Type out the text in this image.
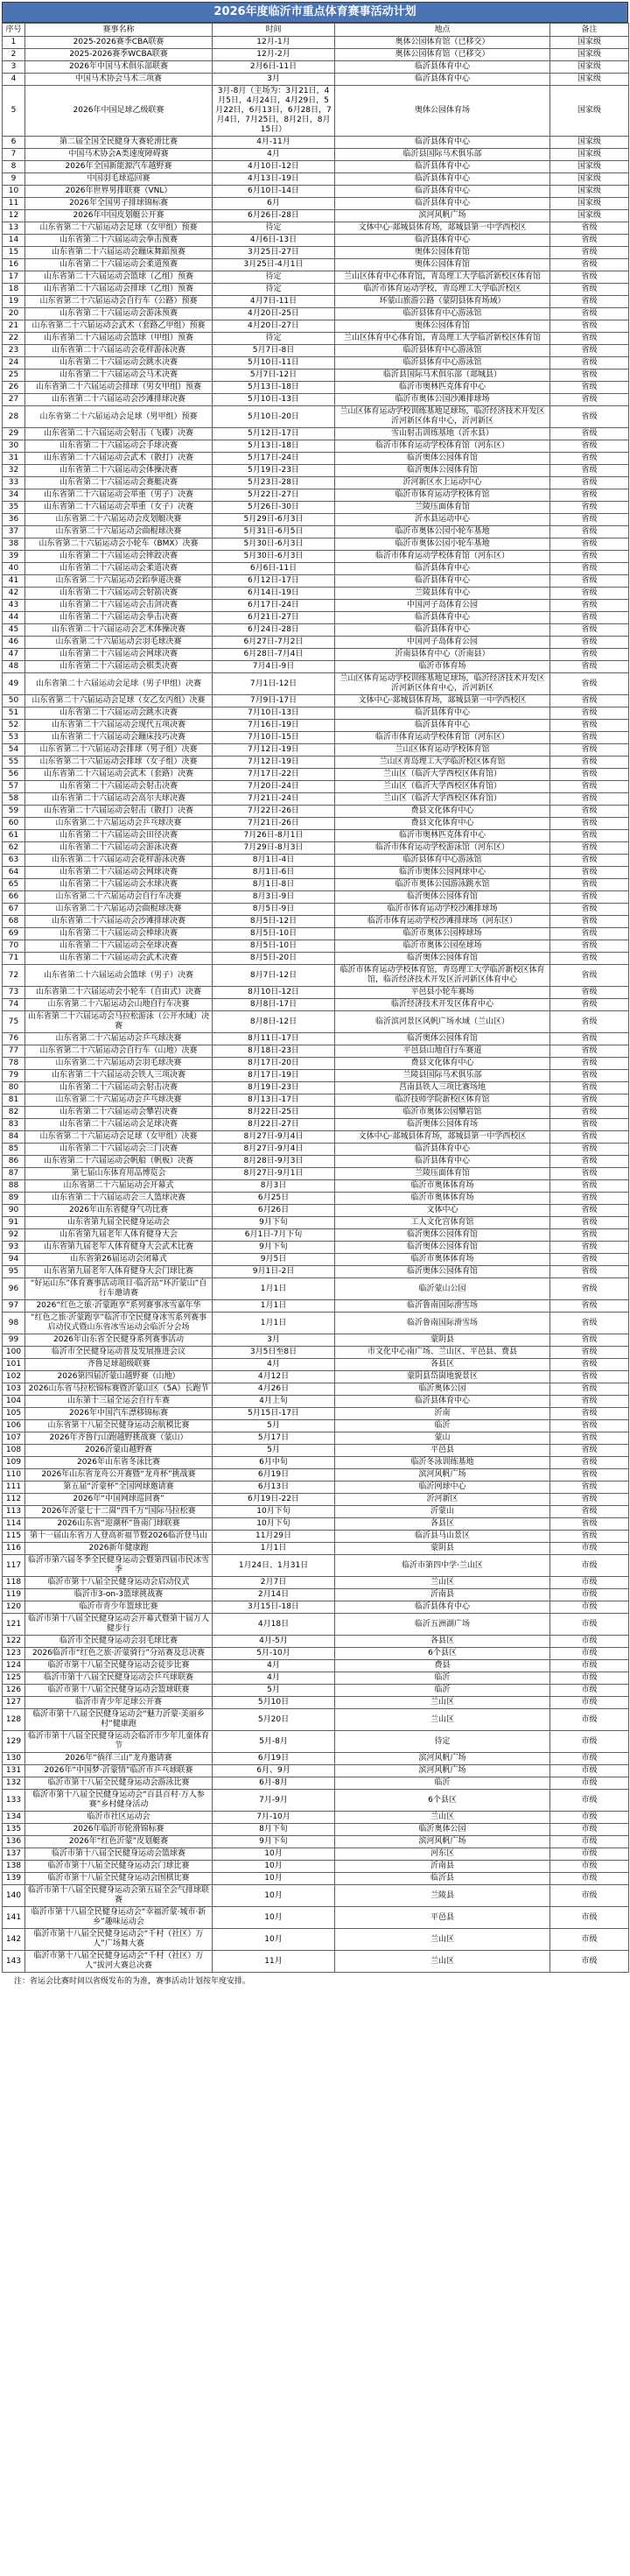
2026年度临沂市重点体育赛事活动计划
序号	赛事名称	时间	地点	备注
1	2025-2026赛季CBA联赛	12月-1月	奥体公园体育馆（已移交）	国家级
2	2025-2026赛季WCBA联赛	12月-2月	奥体公园体育馆（已移交）	国家级
3	2026年中国马术俱乐部联赛	2月6日-11日	临沂县体育中心	国家级
4	中国马术协会马术三项赛	3月	临沂县体育中心	国家级
5	2026年中国足球乙级联赛	3月-8月（主场为：3月21日，4月5日，4月24日，4月29日，5月22日，6月13日，6月28日，7月4日，7月25日，8月2日，8月15日）	奥体公园体育场	国家级
6	第二届全国全民健身大赛轮滑比赛	4月-11月	临沂县体育中心	国家级
7	中国马术协会A类速度障碍赛	4月	临沂县国际马术俱乐部	国家级
8	2026年全国新能源汽车越野赛	4月10日-12日	临沂县体育中心	国家级
9	中国羽毛球巡回赛	4月13日-19日	临沂县体育中心	国家级
10	2026年世界男排联赛（VNL）	6月10日-14日	临沂县体育中心	国家级
11	2026年全国男子排球锦标赛	6月	临沂县体育中心	国家级
12	2026年中国皮划艇公开赛	6月26日-28日	滨河风帆广场	国家级
13	山东省第二十六届运动会足球（女甲组）预赛	待定	文体中心·郯城县体育场，郯城县第一中学西校区	省级
14	山东省第二十六届运动会拳击预赛	4月6日-13日	临沂县体育中心	省级
15	山东省第二十六届运动会蹦床舞蹈预赛	3月25日-27日	奥体公园体育馆	省级
16	山东省第二十六届运动会柔道预赛	3月25日-4月1日	奥体公园体育馆	省级
17	山东省第二十六届运动会篮球（乙组）预赛	待定	兰山区体育中心体育馆，青岛理工大学临沂新校区体育馆	省级
18	山东省第二十六届运动会排球（乙组）预赛	待定	临沂市体育运动学校，青岛理工大学临沂校区	省级
19	山东省第二十六届运动会自行车（公路）预赛	4月7日-11日	环蒙山旅游公路（蒙阴县体育场域）	省级
20	山东省第二十六届运动会游泳预赛	4月20日-25日	临沂县体育中心游泳馆	省级
21	山东省第二十六届运动会武术（套路乙甲组）预赛	4月20日-27日	奥体公园体育馆	省级
22	山东省第二十六届运动会篮球（甲组）预赛	待定	兰山区体育中心体育馆，青岛理工大学临沂新校区体育馆	省级
23	山东省第二十六届运动会花样游泳决赛	5月7日-8日	临沂县体育中心游泳馆	省级
24	山东省第二十六届运动会跳水决赛	5月10日-11日	临沂县体育中心游泳馆	省级
25	山东省第二十六届运动会马术决赛	5月7日-12日	临沂县国际马术俱乐部（郯城县）	省级
26	山东省第二十六届运动会排球（男女甲组）预赛	5月13日-18日	临沂市奥林匹克体育中心	省级
27	山东省第二十六届运动会沙滩排球决赛	5月10日-13日	临沂市奥体公园沙滩排球场	省级
28	山东省第二十六届运动会足球（男甲组）预赛	5月10日-20日	兰山区体育运动学校训练基地足球场，临沂经济技术开发区沂河新区体育中心，沂河新区	省级
29	山东省第二十六届运动会射击（飞碟）决赛	5月12日-17日	雪山射击训练基地（沂水县）	省级
30	山东省第二十六届运动会手球决赛	5月13日-18日	临沂市体育运动学校体育馆（河东区）	省级
31	山东省第二十六届运动会武术（散打）决赛	5月17日-24日	临沂奥体公园体育馆	省级
32	山东省第二十六届运动会体操决赛	5月19日-23日	临沂奥体公园体育馆	省级
33	山东省第二十六届运动会赛艇决赛	5月23日-28日	沂河新区水上运动中心	省级
34	山东省第二十六届运动会举重（男子）决赛	5月22日-27日	临沂市体育运动学校体育馆	省级
35	山东省第二十六届运动会举重（女子）决赛	5月26日-30日	兰陵压面体育馆	省级
36	山东省第二十六届运动会皮划艇决赛	5月29日-6月3日	沂水县运动中心	省级
37	山东省第二十六届运动会曲棍球决赛	5月31日-6月5日	临沂市奥体公园小轮车基地	省级
38	山东省第二十六届运动会小轮车（BMX）决赛	5月30日-6月3日	临沂市奥体公园小轮车基地	省级
39	山东省第二十六届运动会摔跤决赛	5月30日-6月3日	临沂市体育运动学校体育馆（河东区）	省级
40	山东省第二十六届运动会柔道决赛	6月6日-11日	临沂县体育中心	省级
41	山东省第二十六届运动会跆拳道决赛	6月12日-17日	临沂县体育中心	省级
42	山东省第二十六届运动会射箭决赛	6月14日-19日	兰陵县体育中心	省级
43	山东省第二十六届运动会击剑决赛	6月17日-24日	中国河子岛体育公园	省级
44	山东省第二十六届运动会拳击决赛	6月21日-27日	临沂县体育中心	省级
45	山东省第二十六届运动会艺术体操决赛	6月24日-28日	临沂县体育中心	省级
46	山东省第二十六届运动会羽毛球决赛	6月27日-7月2日	中国河子岛体育公园	省级
47	山东省第二十六届运动会网球决赛	6月28日-7月4日	沂南县体育中心（沂南县）	省级
48	山东省第二十六届运动会棋类决赛	7月4日-9日	临沂市体育场	省级
49	山东省第二十六届运动会足球（男子甲组）决赛	7月1日-12日	兰山区体育运动学校训练基地足球场，临沂经济技术开发区沂河新区体育中心，沂河新区	省级
50	山东省第二十六届运动会足球（女乙女丙组）决赛	7月9日-17日	文体中心·郯城县体育场，郯城县第一中学西校区	省级
51	山东省第二十六届运动会跳水决赛	7月10日-13日	临沂县体育中心	省级
52	山东省第二十六届运动会现代五项决赛	7月16日-19日	临沂县体育中心	省级
53	山东省第二十六届运动会蹦床技巧决赛	7月10日-15日	临沂市体育运动学校体育馆（河东区）	省级
54	山东省第二十六届运动会排球（男子组）决赛	7月12日-19日	兰山区体育运动学校体育馆	省级
55	山东省第二十六届运动会排球（女子组）决赛	7月12日-19日	兰山区青岛理工大学临沂校区体育馆	省级
56	山东省第二十六届运动会武术（套路）决赛	7月17日-22日	兰山区（临沂大学西校区体育馆）	省级
57	山东省第二十六届运动会射击决赛	7月20日-24日	兰山区（临沂大学西校区体育馆）	省级
58	山东省第二十六届运动会高尔夫球决赛	7月21日-24日	兰山区（临沂大学西校区体育馆）	省级
59	山东省第二十六届运动会射击（散打）决赛	7月22日-26日	费县文化体育中心	省级
60	山东省第二十六届运动会乒乓球决赛	7月21日-26日	费县文化体育中心	省级
61	山东省第二十六届运动会田径决赛	7月26日-8月1日	临沂市奥林匹克体育中心	省级
62	山东省第二十六届运动会游泳决赛	7月29日-8月3日	临沂市体育运动学校游泳馆（河东区）	省级
63	山东省第二十六届运动会花样游泳决赛	8月1日-4日	临沂县体育中心游泳馆	省级
64	山东省第二十六届运动会网球决赛	8月1日-6日	临沂市奥体公园网球中心	省级
65	山东省第二十六届运动会水球决赛	8月1日-8日	临沂市奥体公园游泳跳水馆	省级
66	山东省第二十六届运动会自行车决赛	8月3日-9日	临沂奥体公园体育馆	省级
67	山东省第二十六届运动会曲棍球决赛	8月5日-9日	临沂市体育运动学校沙滩排球场	省级
68	山东省第二十六届运动会沙滩排球决赛	8月5日-12日	临沂市体育运动学校沙滩排球场（河东区）	省级
69	山东省第二十六届运动会棒球决赛	8月5日-10日	临沂市奥体公园棒球场	省级
70	山东省第二十六届运动会垒球决赛	8月5日-10日	临沂市奥体公园垒球场	省级
71	山东省第二十六届运动会武术决赛	8月5日-20日	临沂奥体公园体育馆	省级
72	山东省第二十六届运动会篮球（男子）决赛	8月7日-12日	临沂市体育运动学校体育馆，青岛理工大学临沂新校区体育馆，临沂经济技术开发区沂河新区体育中心	省级
73	山东省第二十六届运动会小轮车（自由式）决赛	8月10日-12日	平邑县小轮车赛场	省级
74	山东省第二十六届运动会山地自行车决赛	8月8日-17日	临沂经济技术开发区体育中心	省级
75	山东省第二十六届运动会马拉松游泳（公开水域）决赛	8月8日-12日	临沂滨河景区风帆广场水域（兰山区）	省级
76	山东省第二十六届运动会乒乓球决赛	8月11日-17日	临沂奥体公园体育馆	省级
77	山东省第二十六届运动会自行车（山地）决赛	8月18日-23日	平邑县山地自行车赛道	省级
78	山东省第二十六届运动会羽毛球决赛	8月17日-20日	费县文化体育中心	省级
79	山东省第二十六届运动会铁人三项决赛	8月17日-19日	兰陵县国际马术俱乐部	省级
80	山东省第二十六届运动会射击决赛	8月19日-23日	莒南县铁人三项比赛场地	省级
81	山东省第二十六届运动会乒乓球决赛	8月13日-17日	临沂技师学院新校区体育馆	省级
82	山东省第二十六届运动会攀岩决赛	8月22日-25日	临沂市奥体公园攀岩馆	省级
83	山东省第二十六届运动会足球决赛	8月22日-27日	临沂奥体公园体育场	省级
84	山东省第二十六届运动会足球（女甲组）决赛	8月27日-9月4日	文体中心·郯城县体育场，郯城县第一中学西校区	省级
85	山东省第二十六届运动会三门决赛	8月27日-9月4日	临沂县体育中心	省级
86	山东省第二十六届运动会帆船（帆板）决赛	8月28日-9月3日	临沂县体育中心	省级
87	第七届山东体育用品博览会	8月27日-9月1日	兰陵压面体育馆	省级
88	山东省第二十六届运动会开幕式	8月3日	临沂市奥体体育场	省级
89	山东省第二十六届运动会三人篮球决赛	6月25日	临沂市奥体体育场	省级
90	2026年山东省健身气功比赛	6月26日	文体中心	省级
91	山东省第九届全民健身运动会	9月下旬	工人文化宫体育馆	省级
92	山东省第九届老年人体育健身大会	6月1日-7月下旬	临沂奥体公园体育馆	省级
93	山东省第九届老年人体育健身大会武术比赛	9月下旬	临沂奥体公园体育馆	省级
94	山东省第26届运动会闭幕式	9月5日	临沂市奥体体育场	省级
95	山东省第九届老年人体育健身大会门球比赛	9月1日-2日	临沂奥体公园体育馆	省级
96	“好运山东”体育赛事活动项目·临沂站“环沂蒙山”自行车邀请赛	1月1日	临沂蒙山公园	省级
97	2026“红色之旅·沂蒙跑享”系列赛事冰雪嘉年华	1月1日	临沂鲁南国际滑雪场	省级
98	“红色之旅·沂蒙跑享”临沂市全民健身冰雪系列赛事启动仪式暨山东省冰雪运动会临沂分会场	1月1日	临沂鲁南国际滑雪场	省级
99	2026年山东省全民健身系列赛事活动	3月	蒙阴县	省级
100	临沂市全民健身运动普及发展推进会议	3月5日至8日	市文化中心南广场、兰山区、平邑县、费县	省级
101	齐鲁足球超级联赛	4月	各县区	省级
102	2026第四届沂蒙山越野赛（山地）	4月12日	蒙阴县岱崮地貌景区	省级
103	2026山东省马拉松锦标赛暨沂蒙山区（5A）长跑节	4月26日	临沂奥体公园	省级
104	山东第十三届全运会自行车赛	4月上旬	临沂县体育中心	省级
105	2026年中国汽车漂移锦标赛	5月15日-17日	沂南	省级
106	山东省第十八届全民健身运动会航模比赛	5月	临沂	省级
107	2026年齐鲁行山跑越野挑战赛（蒙山）	5月17日	蒙山	省级
108	2026沂蒙山越野赛	5月	平邑县	省级
109	2026年山东省冬泳比赛	6月中旬	临沂冬泳训练基地	省级
110	2026年山东省龙舟公开赛暨“龙舟杯”挑战赛	6月19日	滨河风帆广场	省级
111	第五届“沂蒙杯”全国网球邀请赛	6月13日	临沂网球中心	省级
112	2026年“中国网球巡回赛”	6月19日-22日	沂河新区	省级
113	2026年沂蒙七十二崮“四千万”国际马拉松赛	10月下旬	沂蒙山	省级
114	2026山东省“迎潮杯”鲁南门球联赛	10月下旬	各县区	省级
115	第十一届山东省万人登高祈福节暨2026临沂登马山	11月29日	临沂县马山景区	省级
116	2026新年健康跑	1月1日	蒙阴县	市级
117	临沂市第六届冬季全民健身运动会暨第四届市民冰雪季	1月24日、1月31日	临沂市第四中学·兰山区	市级
118	临沂市第十八届全民健身运动会启动仪式	2月7日	兰山区	市级
119	临沂市3-on-3篮球挑战赛	2月14日	沂南县	市级
120	临沂市青少年篮球比赛	3月15日-18日	临沂县体育中心	市级
121	临沂市第十八届全民健身运动会开幕式暨第十届万人健步行	4月18日	临沂五洲湖广场	市级
122	临沂市全民健身运动会羽毛球比赛	4月-5月	各县区	市级
123	2026临沂市“红色之旅·沂蒙骑行”分站赛及总决赛	5月-10月	6个县区	市级
124	临沂市第十八届全民健身运动会徒步比赛	4月	费县	市级
125	临沂市第十八届全民健身运动会乒乓球联赛	4月	临沂	市级
126	临沂市第十八届全民健身运动会篮球联赛	5月	临沂	市级
127	临沂市青少年足球公开赛	5月10日	兰山区	市级
128	临沂市第十八届全民健身运动会“魅力沂蒙·美丽乡村”健康跑	5月20日	兰山区	市级
129	临沂市第十八届全民健身运动会临沂市少年儿童体育节	5月-8月	待定	市级
130	2026年“徜徉三山”龙舟邀请赛	6月19日	滨河风帆广场	市级
131	2026年“中国梦·沂蒙情”临沂市乒乓球联赛	6月、9月	滨河风帆广场	市级
132	临沂市第十八届全民健身运动会游泳比赛	6月-8月	临沂	市级
133	临沂市第十八届全民健身运动会“百县百村·万人参赛”乡村健身活动	7月-9月	6个县区	市级
134	临沂市社区运动会	7月-10月	兰山区	市级
135	2026年临沂市轮滑锦标赛	8月下旬	临沂奥体公园	市级
136	2026年“红色沂蒙”皮划艇赛	9月下旬	滨河风帆广场	市级
137	临沂市第十八届全民健身运动会篮球赛	10月	河东区	市级
138	临沂市第十八届全民健身运动会门球比赛	10月	沂南县	市级
139	临沂市第十八届全民健身运动会围棋比赛	10月	临沂县	市级
140	临沂市第十八届全民健身运动会第五届全会气排球联赛	10月	兰陵县	市级
141	临沂市第十八届全民健身运动会“幸福沂蒙·城市·新乡”趣味运动会	10月	平邑县	市级
142	临沂市第十八届全民健身运动会“千村（社区）万人”广场舞大赛	10月	兰山区	市级
143	临沂市第十八届全民健身运动会“千村（社区）万人”拔河大赛总决赛	11月	兰山区	市级
注：省运会比赛时间以省级发布的为准，赛事活动计划按年度安排。
